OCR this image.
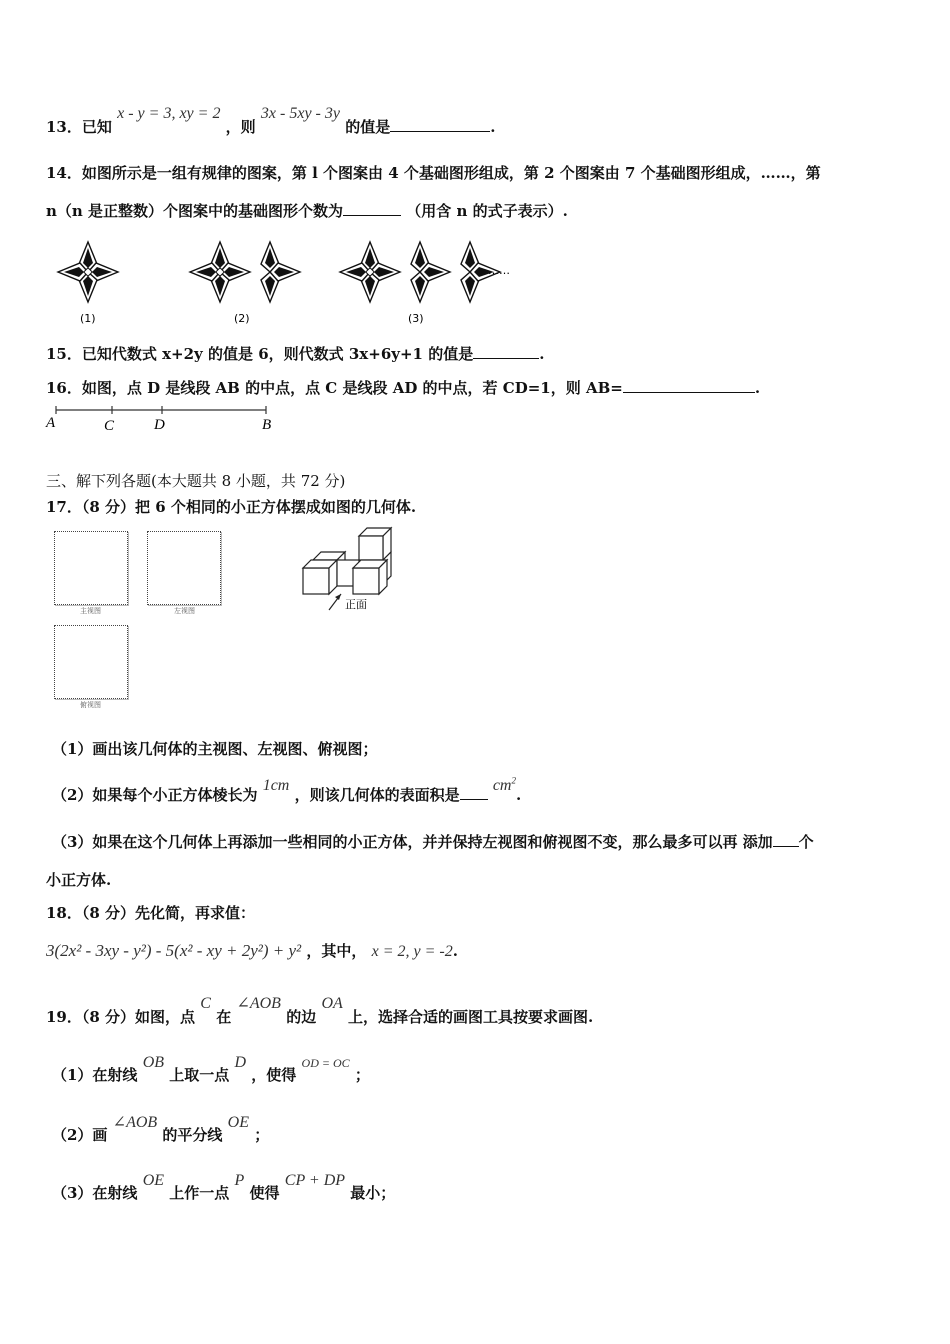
13．已知 x - y = 3, xy = 2 ，则 3x - 5xy - 3y 的值是	.
14．如图所示是一组有规律的图案，第 l 个图案由 4 个基础图形组成，第 2 个图案由 7 个基础图形组成，……，第
n（n 是正整数）个图案中的基础图形个数为	（用含 n 的式子表示）.
(1)	(2)	(3)
……
15．已知代数式 x+2y 的值是 6，则代数式 3x+6y+1 的值是	.
16．如图，点 D 是线段 AB 的中点，点 C 是线段 AD 的中点，若 CD=1，则 AB=	.
A	C	D	B
三、解下列各题(本大题共 8 小题，共 72 分)
17．（8 分）把 6 个相同的小正方体摆成如图的几何体.
主视图	左视图
俯视图
正面
（1）画出该几何体的主视图、左视图、俯视图；
（2）如果每个小正方体棱长为 1cm ，则该几何体的表面积是 $cm^2$.
（3）如果在这个几何体上再添加一些相同的小正方体，并并保持左视图和俯视图不变，那么最多可以再 添加 个
小正方体.
18．（8 分）先化简，再求值：
3(2x² - 3xy - y²) - 5(x² - xy + 2y²) + y² ，其中， x = 2, y = -2.
19．（8 分）如图，点 C 在 ∠AOB 的边 OA 上，选择合适的画图工具按要求画图.
（1）在射线 OB 上取一点 D ，使得 $^{OD = OC}$ ；
（2）画 ∠AOB 的平分线 OE ；
（3）在射线 OE 上作一点 P 使得 CP + DP 最小；
